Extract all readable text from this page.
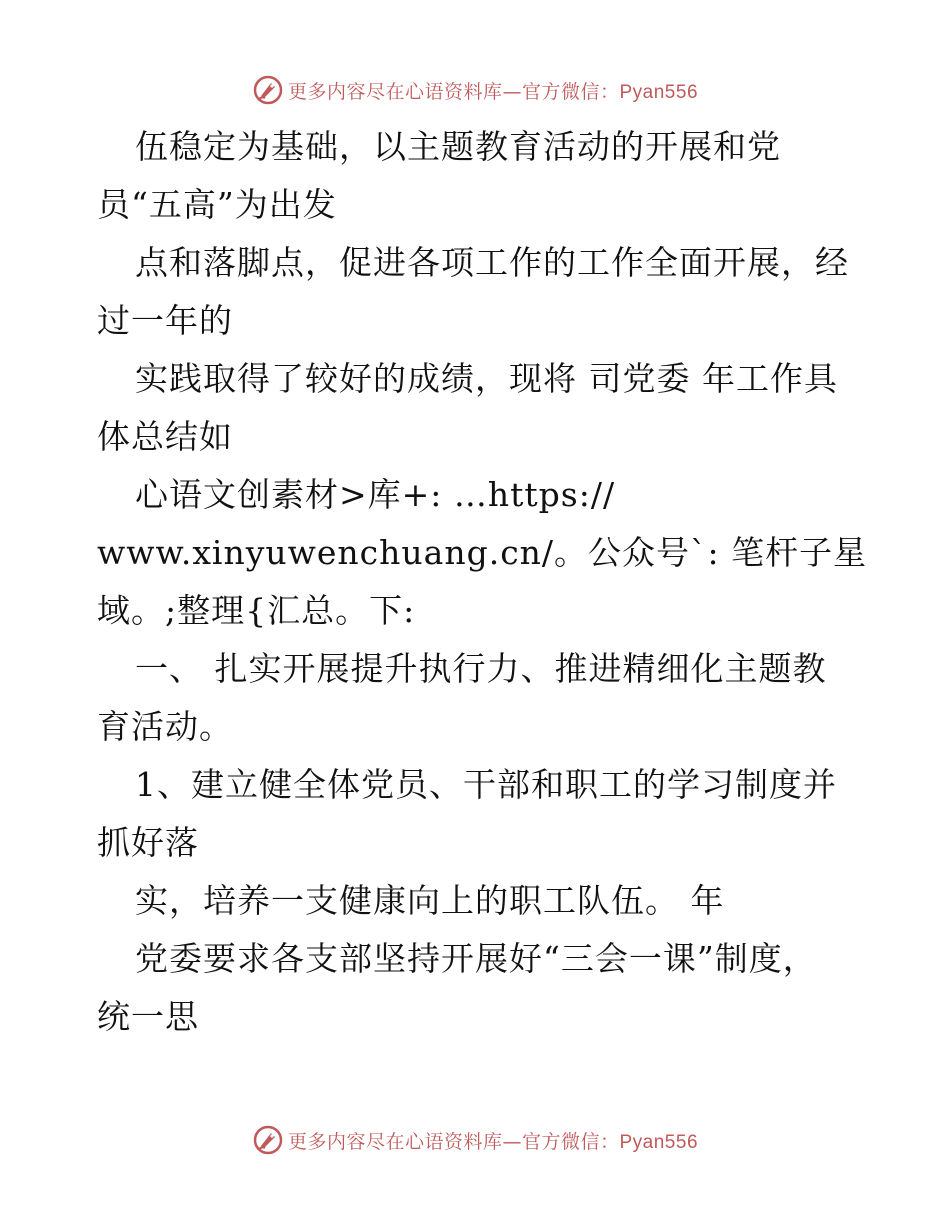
更多内容尽在心语资料库—官方微信：Pyan556
伍稳定为基础，以主题教育活动的开展和党
员“五高”为出发
点和落脚点，促进各项工作的工作全面开展，经
过一年的
实践取得了较好的成绩，现将 司党委 年工作具
体总结如
心语文创素材>库+: …https://
www.xinyuwenchuang.cn/。公众号`: 笔杆子星
域。;整理{汇总。下:
一、 扎实开展提升执行力、推进精细化主题教
育活动。
1、建立健全体党员、干部和职工的学习制度并
抓好落
实，培养一支健康向上的职工队伍。 年
党委要求各支部坚持开展好“三会一课”制度，
统一思
更多内容尽在心语资料库—官方微信：Pyan556
